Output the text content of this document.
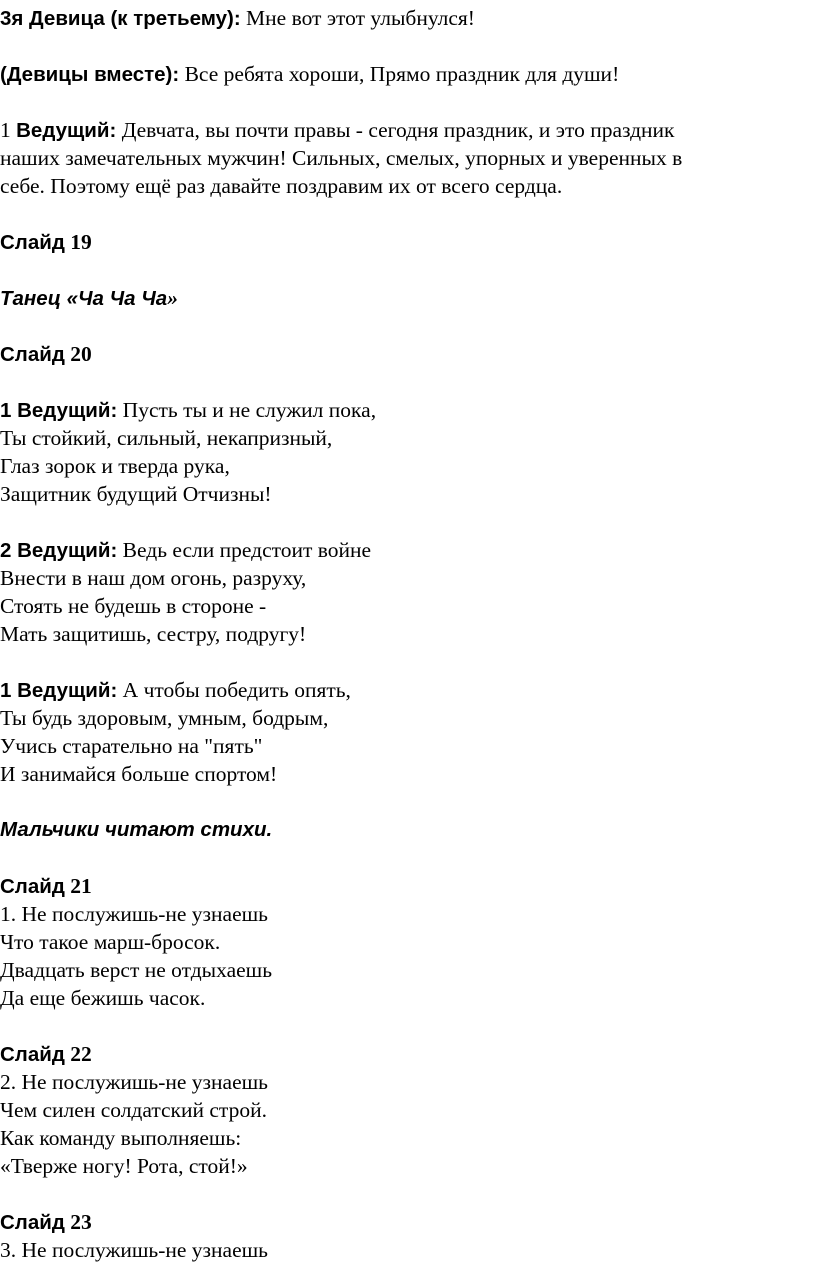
3я Девица (к третьему): Мне вот этот улыбнулся!
(Девицы вместе): Все ребята хороши, Прямо праздник для души!
1 Ведущий: Девчата, вы почти правы - сегодня праздник, и это праздник
наших замечательных мужчин! Сильных, смелых, упорных и уверенных в
себе. Поэтому ещё раз давайте поздравим их от всего сердца.
Слайд 19
Танец «Ча Ча Ча»
Слайд 20
1 Ведущий: Пусть ты и не служил пока,
Ты стойкий, сильный, некапризный,
Глаз зорок и тверда рука,
Защитник будущий Отчизны!
2 Ведущий: Ведь если предстоит войне
Внести в наш дом огонь, разруху,
Стоять не будешь в стороне -
Мать защитишь, сестру, подругу!
1 Ведущий: А чтобы победить опять,
Ты будь здоровым, умным, бодрым,
Учись старательно на "пять"
И занимайся больше спортом!
Мальчики читают стихи.
Слайд 21
1. Не послужишь-не узнаешь
Что такое марш-бросок.
Двадцать верст не отдыхаешь
Да еще бежишь часок.
Слайд 22
2. Не послужишь-не узнаешь
Чем силен солдатский строй.
Как команду выполняешь:
«Тверже ногу! Рота, стой!»
Слайд 23
3. Не послужишь-не узнаешь
